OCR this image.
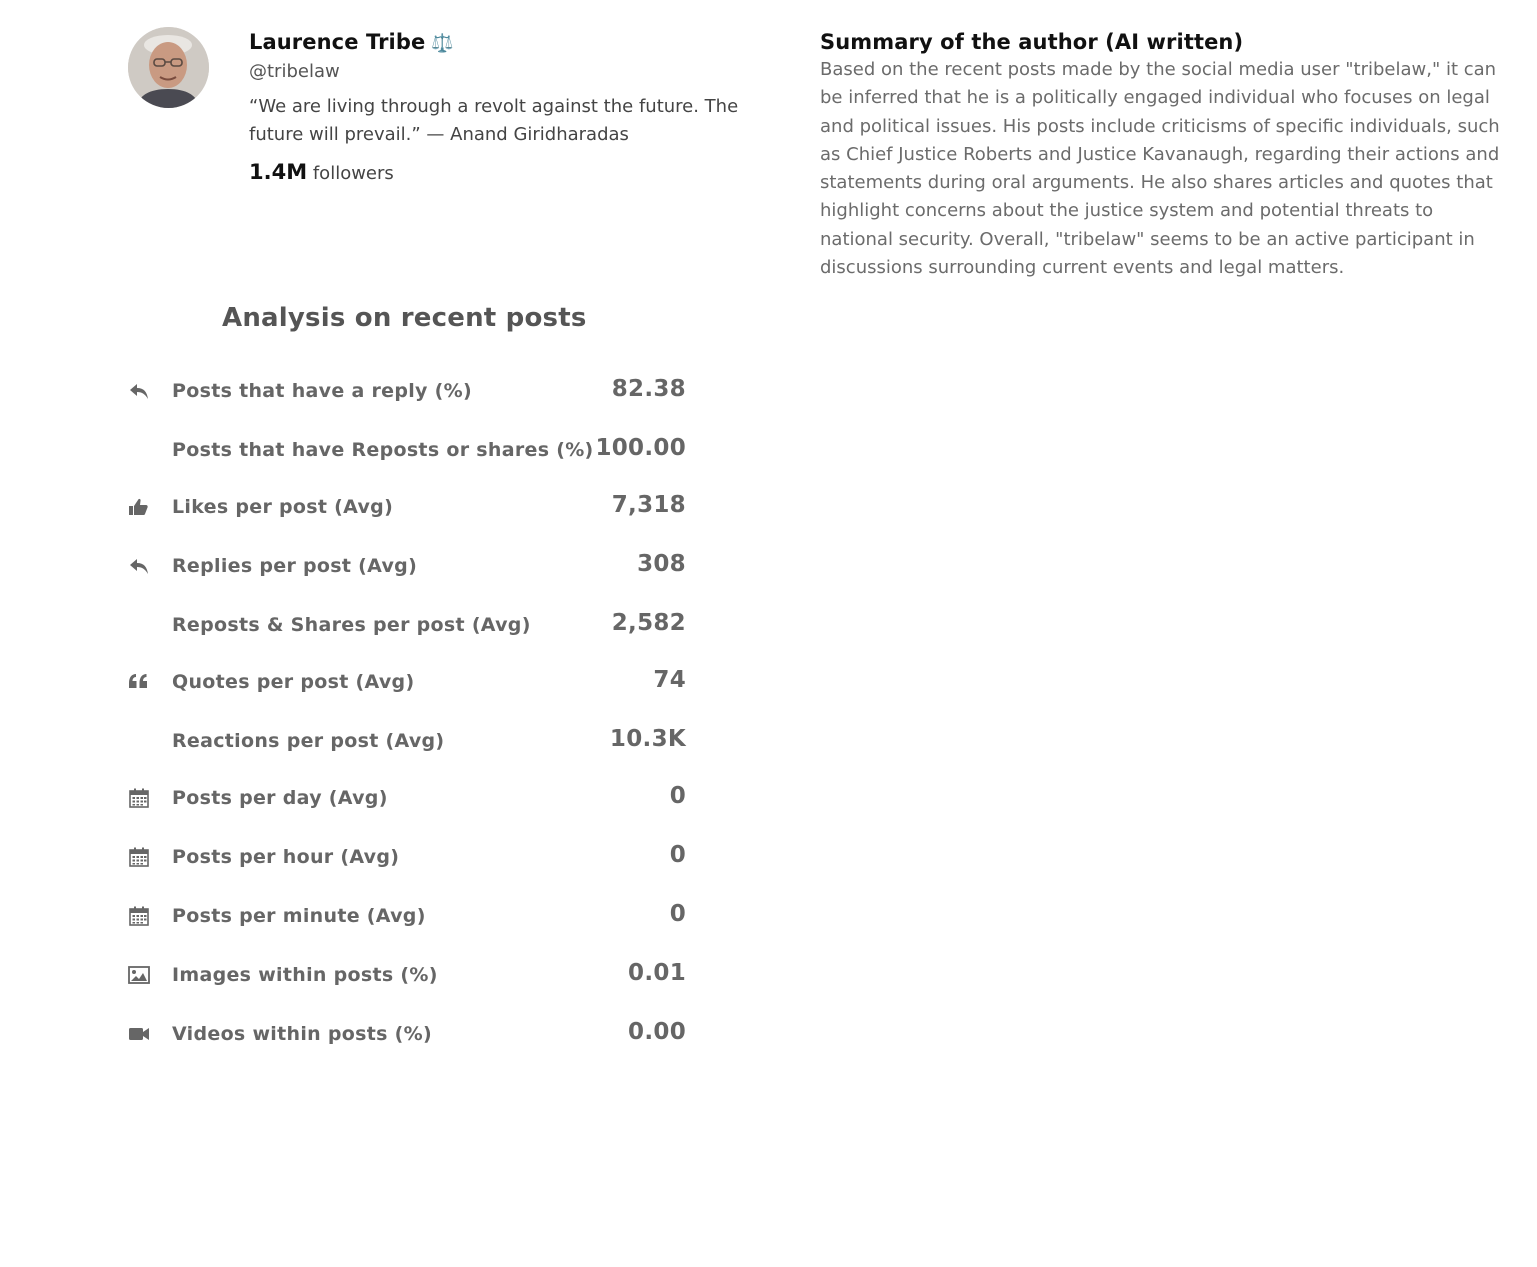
Laurence Tribe ⚖️
@tribelaw
“We are living through a revolt against the future. The future will prevail.” — Anand Giridharadas
1.4M followers
Summary of the author (AI written)
Based on the recent posts made by the social media user "tribelaw," it can be inferred that he is a politically engaged individual who focuses on legal and political issues. His posts include criticisms of specific individuals, such as Chief Justice Roberts and Justice Kavanaugh, regarding their actions and statements during oral arguments. He also shares articles and quotes that highlight concerns about the justice system and potential threats to national security. Overall, "tribelaw" seems to be an active participant in discussions surrounding current events and legal matters.
Analysis on recent posts
Posts that have a reply (%)	82.38
Posts that have Reposts or shares (%) 100.00
Likes per post (Avg)	7,318
Replies per post (Avg)	308
Reposts & Shares per post (Avg)	2,582
Quotes per post (Avg)	74
Reactions per post (Avg)	10.3K
Posts per day (Avg)	0
Posts per hour (Avg)	0
Posts per minute (Avg)	0
Images within posts (%)	0.01
Videos within posts (%)	0.00
